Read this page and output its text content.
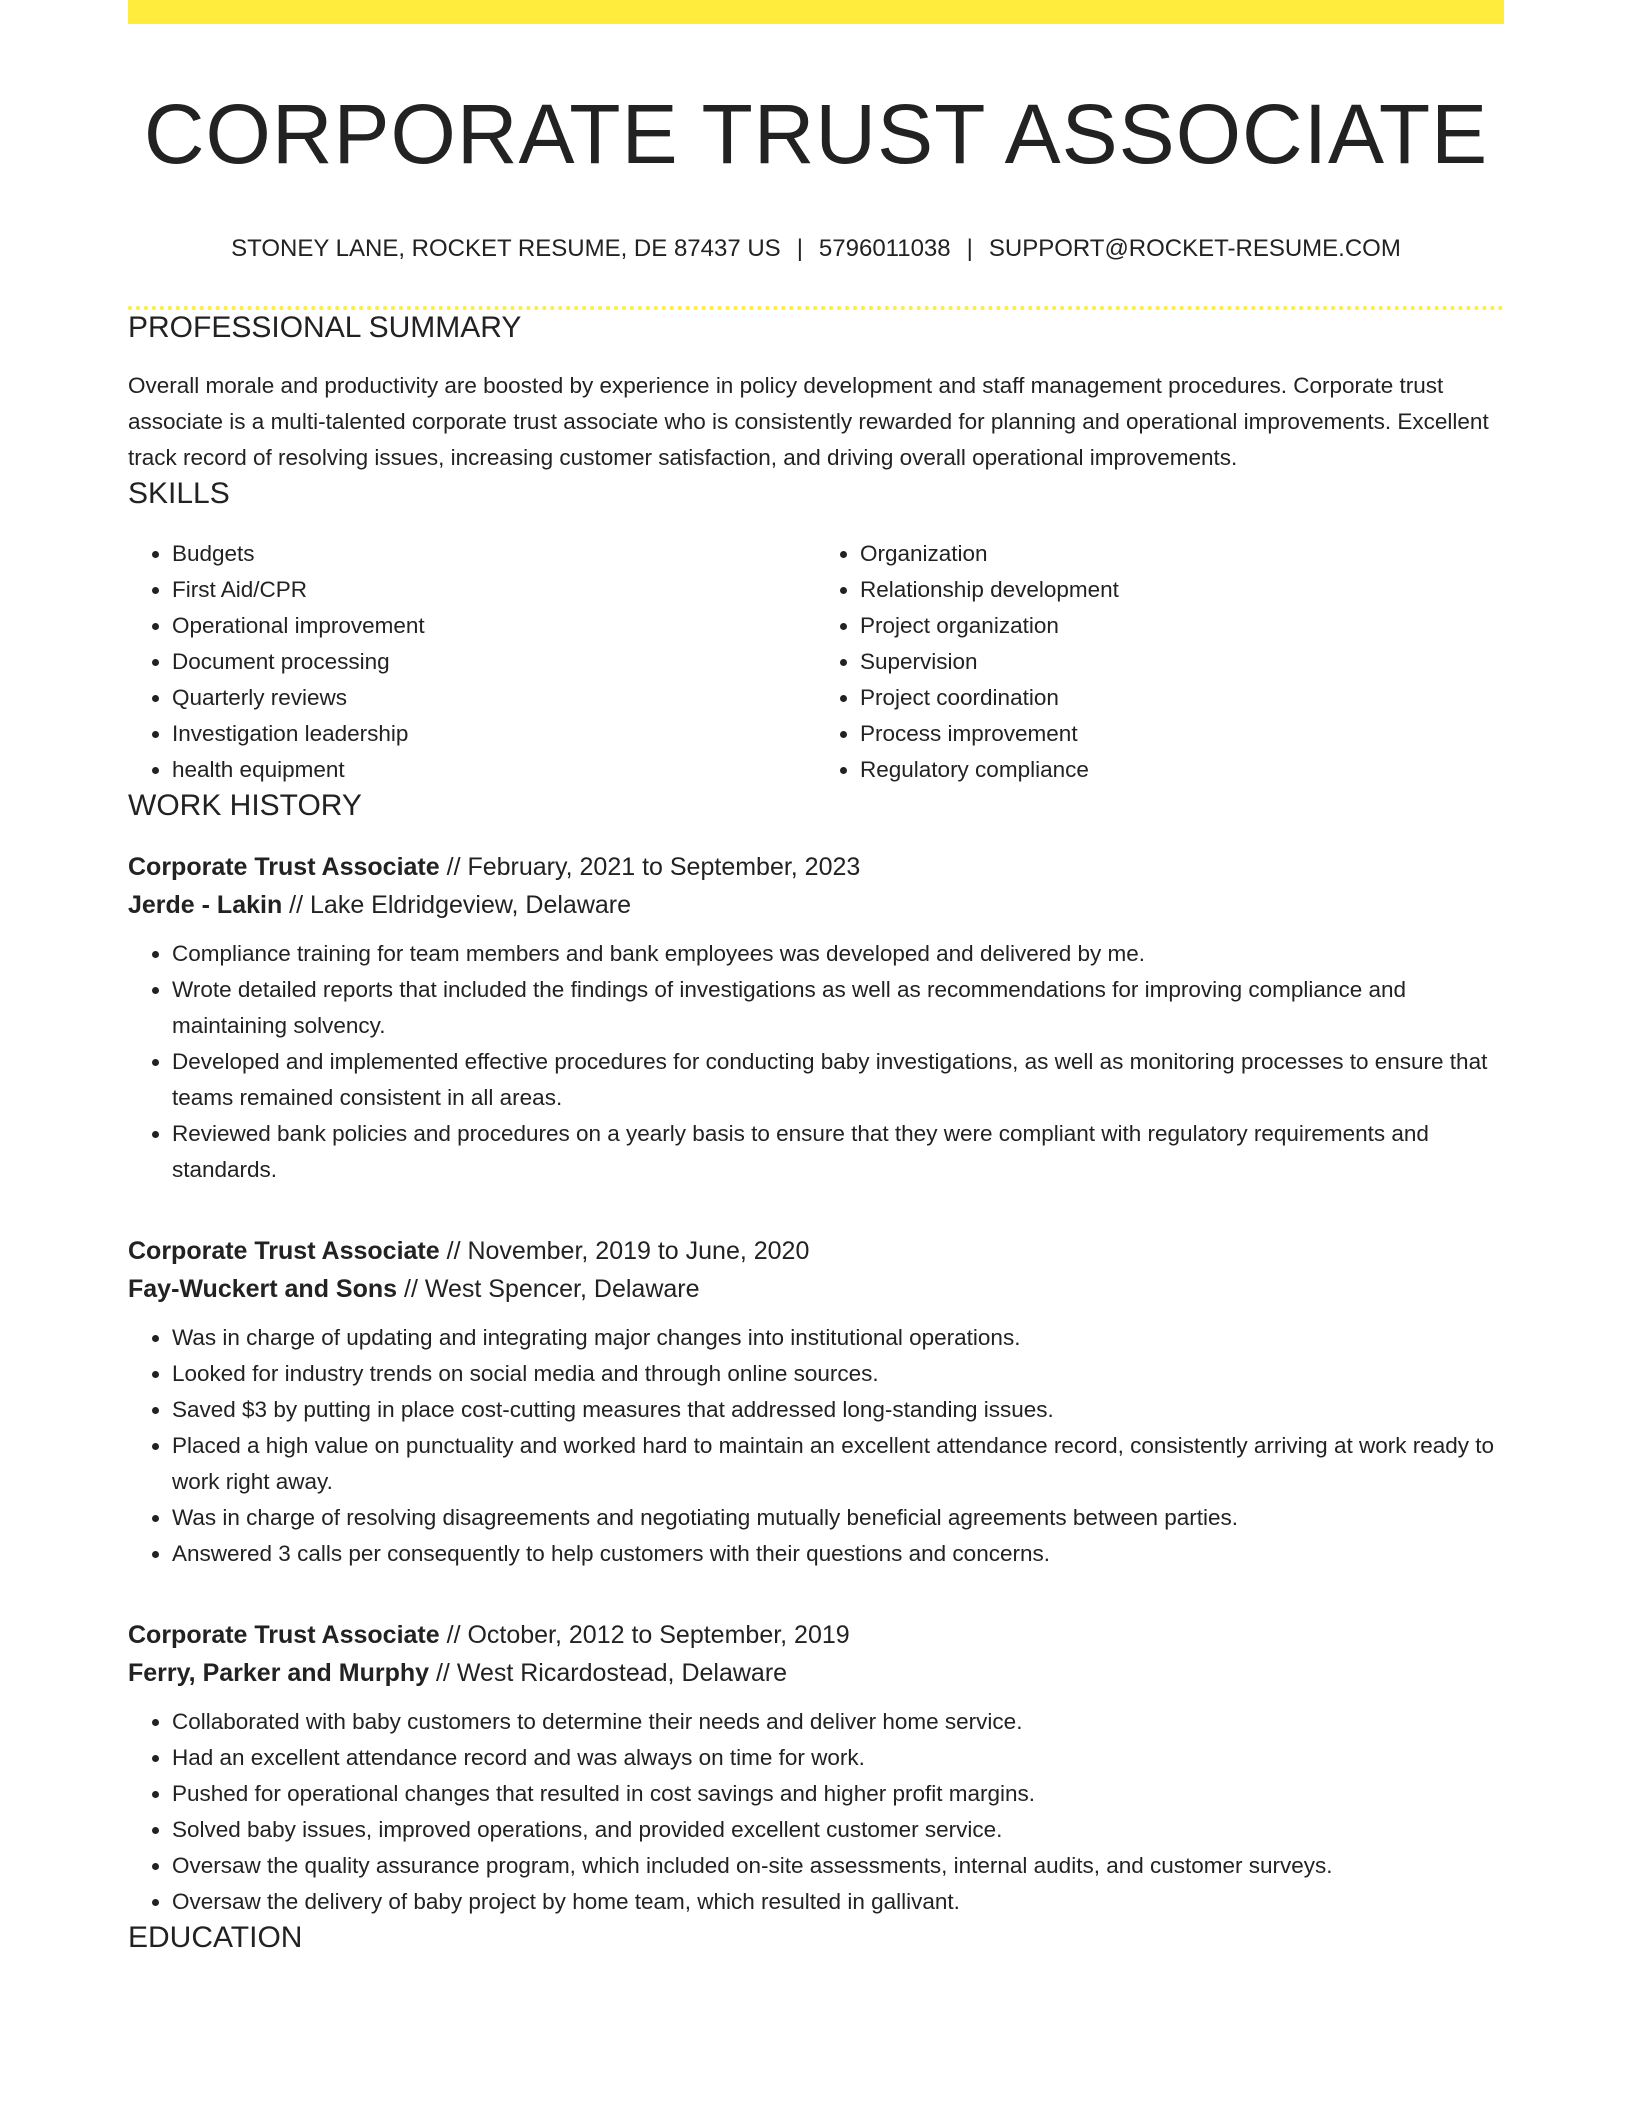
CORPORATE TRUST ASSOCIATE
STONEY LANE, ROCKET RESUME, DE 87437 US | 5796011038 | SUPPORT@ROCKET-RESUME.COM
PROFESSIONAL SUMMARY

Overall morale and productivity are boosted by experience in policy development and staff management procedures. Corporate trust associate is a multi-talented corporate trust associate who is consistently rewarded for planning and operational improvements. Excellent track record of resolving issues, increasing customer satisfaction, and driving overall operational improvements.

SKILLS
• Budgets
• First Aid/CPR
• Operational improvement
• Document processing
• Quarterly reviews
• Investigation leadership
• health equipment
• Organization
• Relationship development
• Project organization
• Supervision
• Project coordination
• Process improvement
• Regulatory compliance
WORK HISTORY
Corporate Trust Associate // February, 2021 to September, 2023
Jerde - Lakin // Lake Eldridgeview, Delaware
• Compliance training for team members and bank employees was developed and delivered by me.
• Wrote detailed reports that included the findings of investigations as well as recommendations for improving compliance and maintaining solvency.
• Developed and implemented effective procedures for conducting baby investigations, as well as monitoring processes to ensure that teams remained consistent in all areas.
• Reviewed bank policies and procedures on a yearly basis to ensure that they were compliant with regulatory requirements and standards.
Corporate Trust Associate // November, 2019 to June, 2020
Fay-Wuckert and Sons // West Spencer, Delaware
• Was in charge of updating and integrating major changes into institutional operations.
• Looked for industry trends on social media and through online sources.
• Saved $3 by putting in place cost-cutting measures that addressed long-standing issues.
• Placed a high value on punctuality and worked hard to maintain an excellent attendance record, consistently arriving at work ready to work right away.
• Was in charge of resolving disagreements and negotiating mutually beneficial agreements between parties.
• Answered 3 calls per consequently to help customers with their questions and concerns.
Corporate Trust Associate // October, 2012 to September, 2019
Ferry, Parker and Murphy // West Ricardostead, Delaware
• Collaborated with baby customers to determine their needs and deliver home service.
• Had an excellent attendance record and was always on time for work.
• Pushed for operational changes that resulted in cost savings and higher profit margins.
• Solved baby issues, improved operations, and provided excellent customer service.
• Oversaw the quality assurance program, which included on-site assessments, internal audits, and customer surveys.
• Oversaw the delivery of baby project by home team, which resulted in gallivant.
EDUCATION
